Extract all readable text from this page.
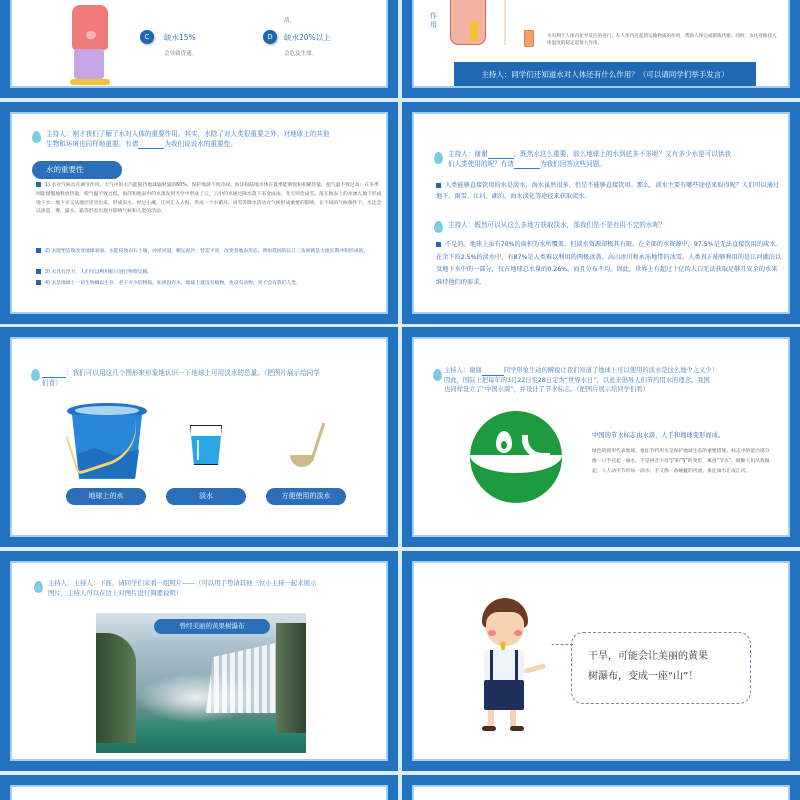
C	缺水15%
会导致昏迷。
清。
D	缺水20%以上
会危及生命。
作用
水有利于人体内化学反应的进行，在人体内还起到运输物质的作用，帮助人体完成新陈代谢。同时，水还对维持人体温度的稳定起很大作用。
主持人：同学们还知道水对人体还有什么作用？（可以请同学们举手发言）
主持人：刚才我们了解了水对人体的重要作用。其实，水除了对人类很重要之外，对地球上的其他
生物和环境也同样地重要。有请	为我们说说水的重要性。
水的重要性
1) 水对气候具有调节作用。大气中的水汽能阻挡地球辐射量的60%，保护地球不致冷却。海洋和陆地水体在夏季能吸收和积累热量，使气温不致过高；在冬季则能缓慢地释放热量，使气温不致过低。海洋和地表中的水蒸发到天空中形成了云，云中的水通过降水落下来变成雨，冬天则变成雪。落在地表上的水渗入地下形成地下水；地下水又从地层里冒出来，形成泉水，经过小溪、江河汇入大海。形成一个水循环。雨雪等降水活动对气候形成重要的影响。在不同的气候条件下，水还会以冰雹、雾、露水、霜等形态出现并影响气候和人类的活动。
2) 水能塑造和改变地球表面。水能侵蚀岩石土壤，冲淤河道，搬运泥沙，营造平原，改变着地表形态。例如我国的长江三角洲就是大流长期冲积形成的。
3) 水具有浮力，人们可以利用船只进行物资运输。
4) 水是地球上一切生物赖以生存、必不可少的物质。如果没有水，地球上就没有植物，也没有动物，更不会有我们人类。
主持人：谢谢	，既然水这么重要，那么地球上的水到底多不多呢？又有多少水是可以供我
们人类使用的呢？有请	为我们回答这些问题。
人类能够直接饮用的水是淡水，海水虽然很多，但是不能够直接饮用。那么，淡水主要有哪些途径来取得呢？人们可以通过地下、雨雪、江河、湖泊、海水淡化等途径来获取淡水。
主持人：既然可以从这么多地方获取淡水，那我们是不是有用不完的水呢？
不是的。地球上虽有70%的面积为水所覆盖，但淡水资源却极其有限。在全部的水资源中，97.5%是无法直接饮用的咸水。在余下的2.5%的淡水中，有87%是人类难以利用的两极冰盖、高山冰川和永冻地带的冰雪。人类真正能够利用的是江河湖泊以及地下水中的一部分，仅占地球总水量的0.26%，而且分布不均。因此，世界上有超过十亿的人口无法获取足够且安全的水来维持他们的需求。
：我们可以用这几个图形来形象地认识一下地球上可用淡水的总量。（把图片展示给同学
们看）
地球上的水	淡水	方便使用的淡水
主持人：谢谢	同学形象生动的解说让我们知道了地球上可以使用的淡水是这么地少之又少！
因此，国际上把每年的3月22日至28日定为“世界水日”，以此来倡导人们节约用水的理念。我国
也同样设立了“中国水周”，并设计了节水标志。（把图片展示给同学们看）
中国的节水标志由水滴、人手和地球变形而成。
绿色的圆形代表地球，象征节约用水是保护地球生态的重要措施。标志中的留白部分像一只手托起一滴水，手是拼音字母“J”和“S”的变形，寓意“节水”，既勤人们从我做起，人人动手节约每一滴水；手又像一条蜿蜒的河流，象征滴水汇成江河。
主持人：主持人：下面，请同学们来看一组照片——（可以用手势请其他三位小主持一起来展示
图片，主持人可以在边上对图片进行简要说明）
曾经美丽的黄果树瀑布
干旱，可能会让美丽的黄果
树瀑布，变成一座“山”！
